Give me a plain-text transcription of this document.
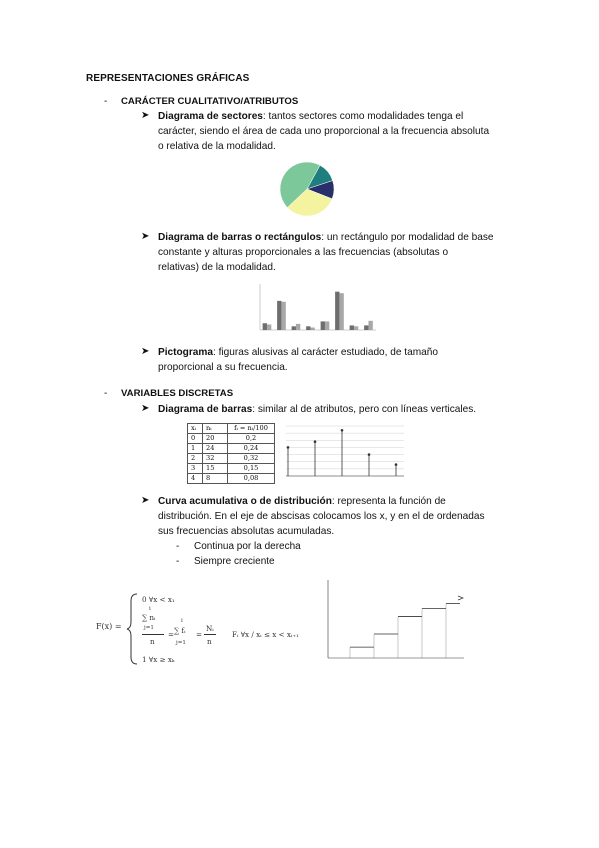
REPRESENTACIONES GRÁFICAS
- CARÁCTER CUALITATIVO/ATRIBUTOS
➤ Diagrama de sectores: tantos sectores como modalidades tenga el
carácter, siendo el área de cada uno proporcional a la frecuencia absoluta
o relativa de la modalidad.
➤ Diagrama de barras o rectángulos: un rectángulo por modalidad de base
constante y alturas proporcionales a las frecuencias (absolutas o
relativas) de la modalidad.
➤ Pictograma: figuras alusivas al carácter estudiado, de tamaño
proporcional a su frecuencia.
- VARIABLES DISCRETAS
➤ Diagrama de barras: similar al de atributos, pero con líneas verticales.
xᵢ	nᵢ	fᵢ = nᵢ/100
0	20	0,2
1	24	0,24
2	32	0,32
3	15	0,15
4	8	0,08
➤ Curva acumulativa o de distribución: representa la función de
distribución. En el eje de abscisas colocamos los x, y en el de ordenadas
sus frecuencias absolutas acumuladas.
- Continua por la derecha
- Siempre creciente
F(x) =
0 ∀x < x₁
i
∑ nᵢ
j=1
n
=
i
∑ fᵢ
j=1
=
Nᵢ
n
Fᵢ ∀x / xᵢ ≤ x < xᵢ₊₁
1 ∀x ≥ xₖ
